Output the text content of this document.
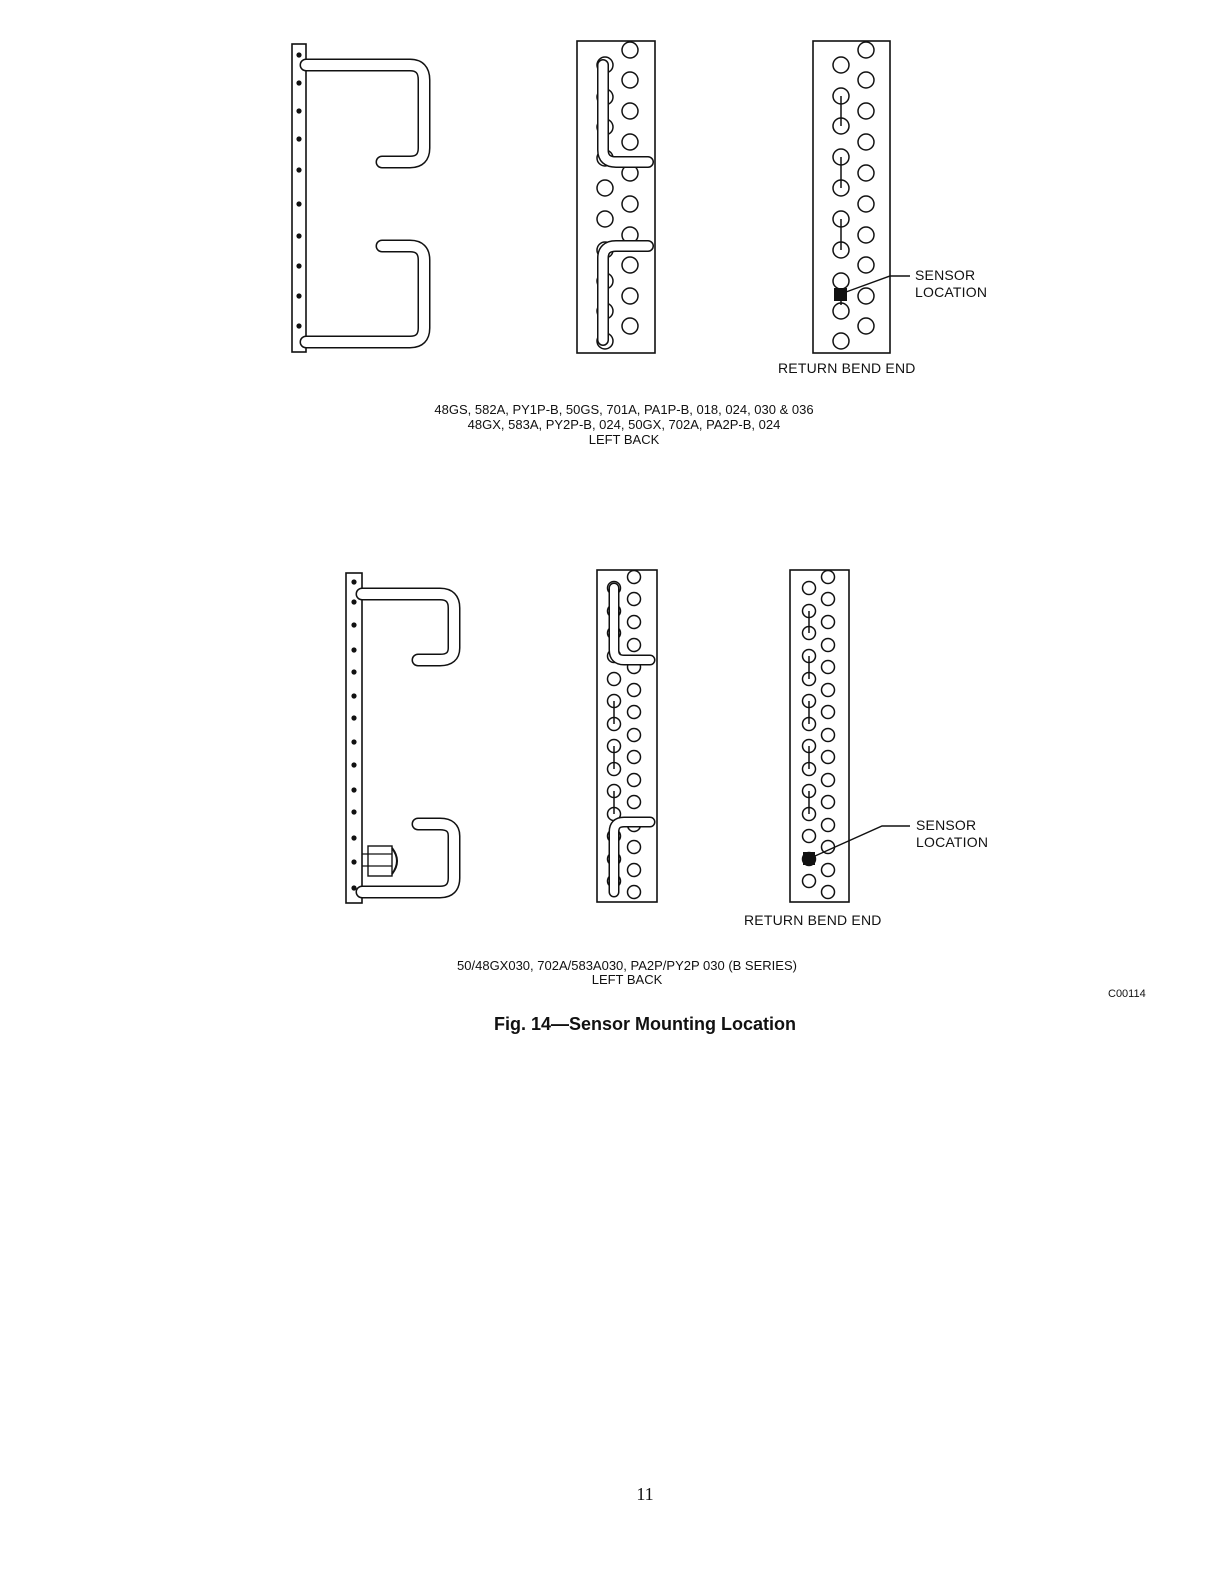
SENSOR
LOCATION
RETURN BEND END
48GS, 582A, PY1P-B, 50GS, 701A, PA1P-B, 018, 024, 030 & 036
48GX, 583A, PY2P-B, 024, 50GX, 702A, PA2P-B, 024
LEFT BACK
SENSOR
LOCATION
RETURN BEND END
50/48GX030, 702A/583A030, PA2P/PY2P 030 (B SERIES)
LEFT BACK
C00114
Fig. 14—Sensor Mounting Location
11
